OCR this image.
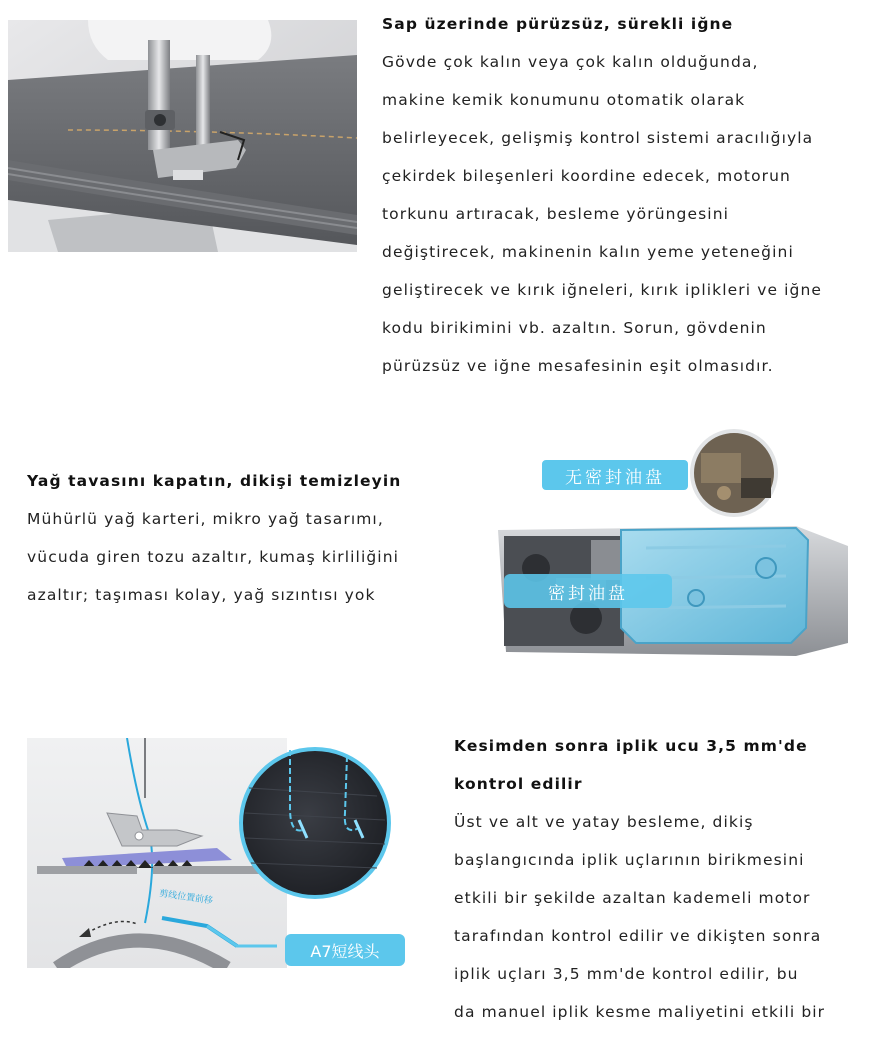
Sap üzerinde pürüzsüz, sürekli iğne
Gövde çok kalın veya çok kalın olduğunda,
makine kemik konumunu otomatik olarak
belirleyecek, gelişmiş kontrol sistemi aracılığıyla
çekirdek bileşenleri koordine edecek, motorun
torkunu artıracak, besleme yörüngesini
değiştirecek, makinenin kalın yeme yeteneğini
geliştirecek ve kırık iğneleri, kırık iplikleri ve iğne
kodu birikimini vb. azaltın. Sorun, gövdenin
pürüzsüz ve iğne mesafesinin eşit olmasıdır.
Yağ tavasını kapatın, dikişi temizleyin
Mühürlü yağ karteri, mikro yağ tasarımı,
vücuda giren tozu azaltır, kumaş kirliliğini
azaltır; taşıması kolay, yağ sızıntısı yok
无密封油盘
密封油盘
剪线位置前移
A7短线头
Kesimden sonra iplik ucu 3,5 mm'de
kontrol edilir
Üst ve alt ve yatay besleme, dikiş
başlangıcında iplik uçlarının birikmesini
etkili bir şekilde azaltan kademeli motor
tarafından kontrol edilir ve dikişten sonra
iplik uçları 3,5 mm'de kontrol edilir, bu
da manuel iplik kesme maliyetini etkili bir
